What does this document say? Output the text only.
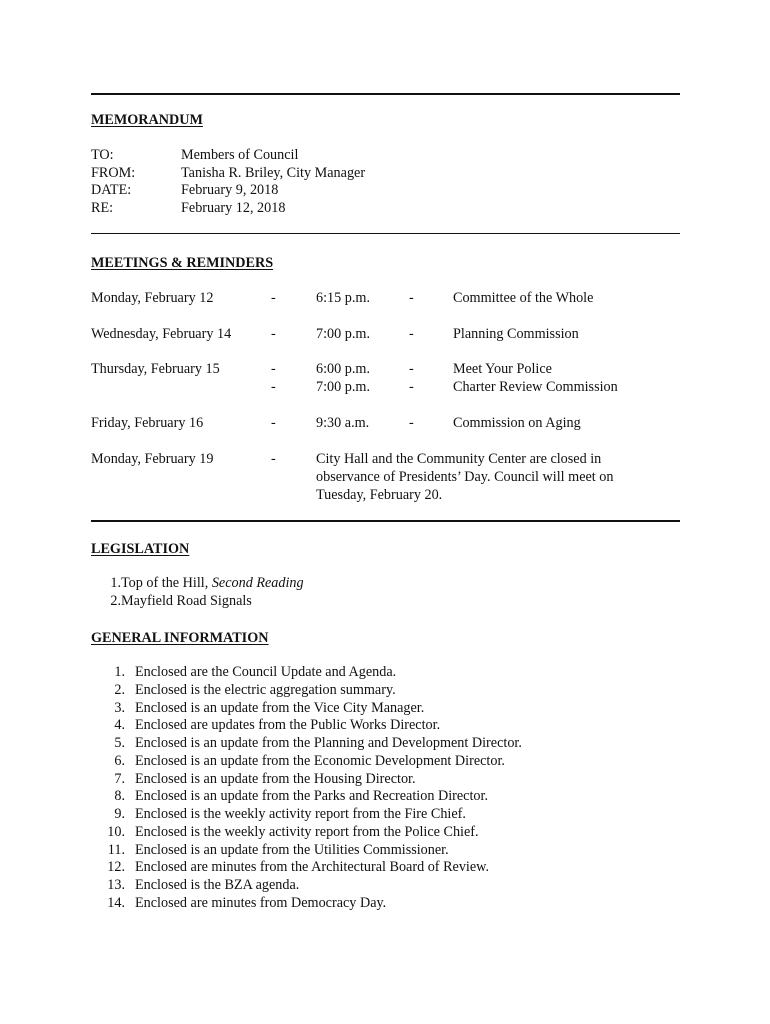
MEMORANDUM
TO:	Members of Council
FROM:	Tanisha R. Briley, City Manager
DATE:	February 9, 2018
RE:	February 12, 2018
MEETINGS & REMINDERS
Monday, February 12	-	6:15 p.m.	-	Committee of the Whole
Wednesday, February 14	-	7:00 p.m.	-	Planning Commission
Thursday, February 15	-	6:00 p.m.	-	Meet Your Police
-	7:00 p.m.	-	Charter Review Commission
Friday, February 16	-	9:30 a.m.	-	Commission on Aging
Monday, February 19	-	City Hall and the Community Center are closed in observance of Presidents’ Day. Council will meet on Tuesday, February 20.
LEGISLATION
1. Top of the Hill, Second Reading
2. Mayfield Road Signals
GENERAL INFORMATION
1. Enclosed are the Council Update and Agenda.
2. Enclosed is the electric aggregation summary.
3. Enclosed is an update from the Vice City Manager.
4. Enclosed are updates from the Public Works Director.
5. Enclosed is an update from the Planning and Development Director.
6. Enclosed is an update from the Economic Development Director.
7. Enclosed is an update from the Housing Director.
8. Enclosed is an update from the Parks and Recreation Director.
9. Enclosed is the weekly activity report from the Fire Chief.
10. Enclosed is the weekly activity report from the Police Chief.
11. Enclosed is an update from the Utilities Commissioner.
12. Enclosed are minutes from the Architectural Board of Review.
13. Enclosed is the BZA agenda.
14. Enclosed are minutes from Democracy Day.
